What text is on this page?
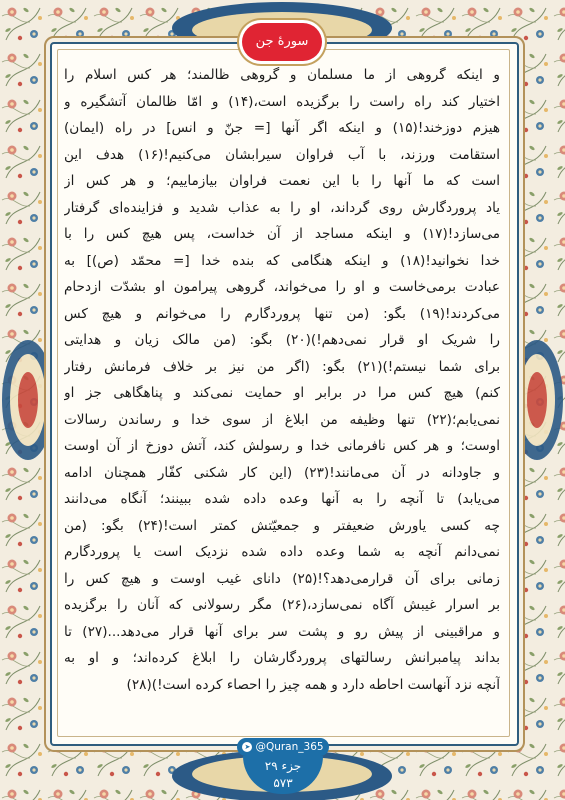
سورهٔ جن
و اینکه گروهی از ما مسلمان و گروهی ظالمند؛ هر کس اسلام را
اختیار کند راه راست را برگزیده است،(۱۴) و امّا ظالمان آتشگیره و
هیزم دوزخند!(۱۵) و اینکه اگر آنها [= جنّ و انس] در راه (ایمان)
استقامت ورزند، با آب فراوان سیرابشان می‌کنیم!(۱۶) هدف این
است که ما آنها را با این نعمت فراوان بیازماییم؛ و هر کس از
یاد پروردگارش روی گرداند، او را به عذاب شدید و فزاینده‌ای گرفتار
می‌سازد!(۱۷) و اینکه مساجد از آن خداست، پس هیچ کس را با
خدا نخوانید!(۱۸) و اینکه هنگامی که بنده خدا [= محمّد (ص)] به
عبادت برمی‌خاست و او را می‌خواند، گروهی پیرامون او بشدّت ازدحام
می‌کردند!(۱۹) بگو: (من تنها پروردگارم را می‌خوانم و هیچ کس
را شریک او قرار نمی‌دهم!)(۲۰) بگو: (من مالک زیان و هدایتی
برای شما نیستم!)(۲۱) بگو: (اگر من نیز بر خلاف فرمانش رفتار
کنم) هیچ کس مرا در برابر او حمایت نمی‌کند و پناهگاهی جز او
نمی‌یابم؛(۲۲) تنها وظیفه من ابلاغ از سوی خدا و رساندن رسالات
اوست؛ و هر کس نافرمانی خدا و رسولش کند، آتش دوزخ از آن اوست
و جاودانه در آن می‌مانند!(۲۳) (این کار شکنی کفّار همچنان ادامه
می‌یابد) تا آنچه را به آنها وعده داده شده ببینند؛ آنگاه می‌دانند
چه کسی یاورش ضعیفتر و جمعیّتش کمتر است!(۲۴) بگو: (من
نمی‌دانم آنچه به شما وعده داده شده نزدیک است یا پروردگارم
زمانی برای آن قرارمی‌دهد؟!(۲۵) دانای غیب اوست و هیچ کس را
بر اسرار غیبش آگاه نمی‌سازد،(۲۶) مگر رسولانی که آنان را برگزیده
و مراقبینی از پیش رو و پشت سر برای آنها قرار می‌دهد...(۲۷) تا
بداند پیامبرانش رسالتهای پروردگارشان را ابلاغ کرده‌اند؛ و او به
آنچه نزد آنهاست احاطه دارد و همه چیز را احصاء کرده است!)(۲۸)
➤ @Quran_365
جزء ۲۹
۵۷۳
